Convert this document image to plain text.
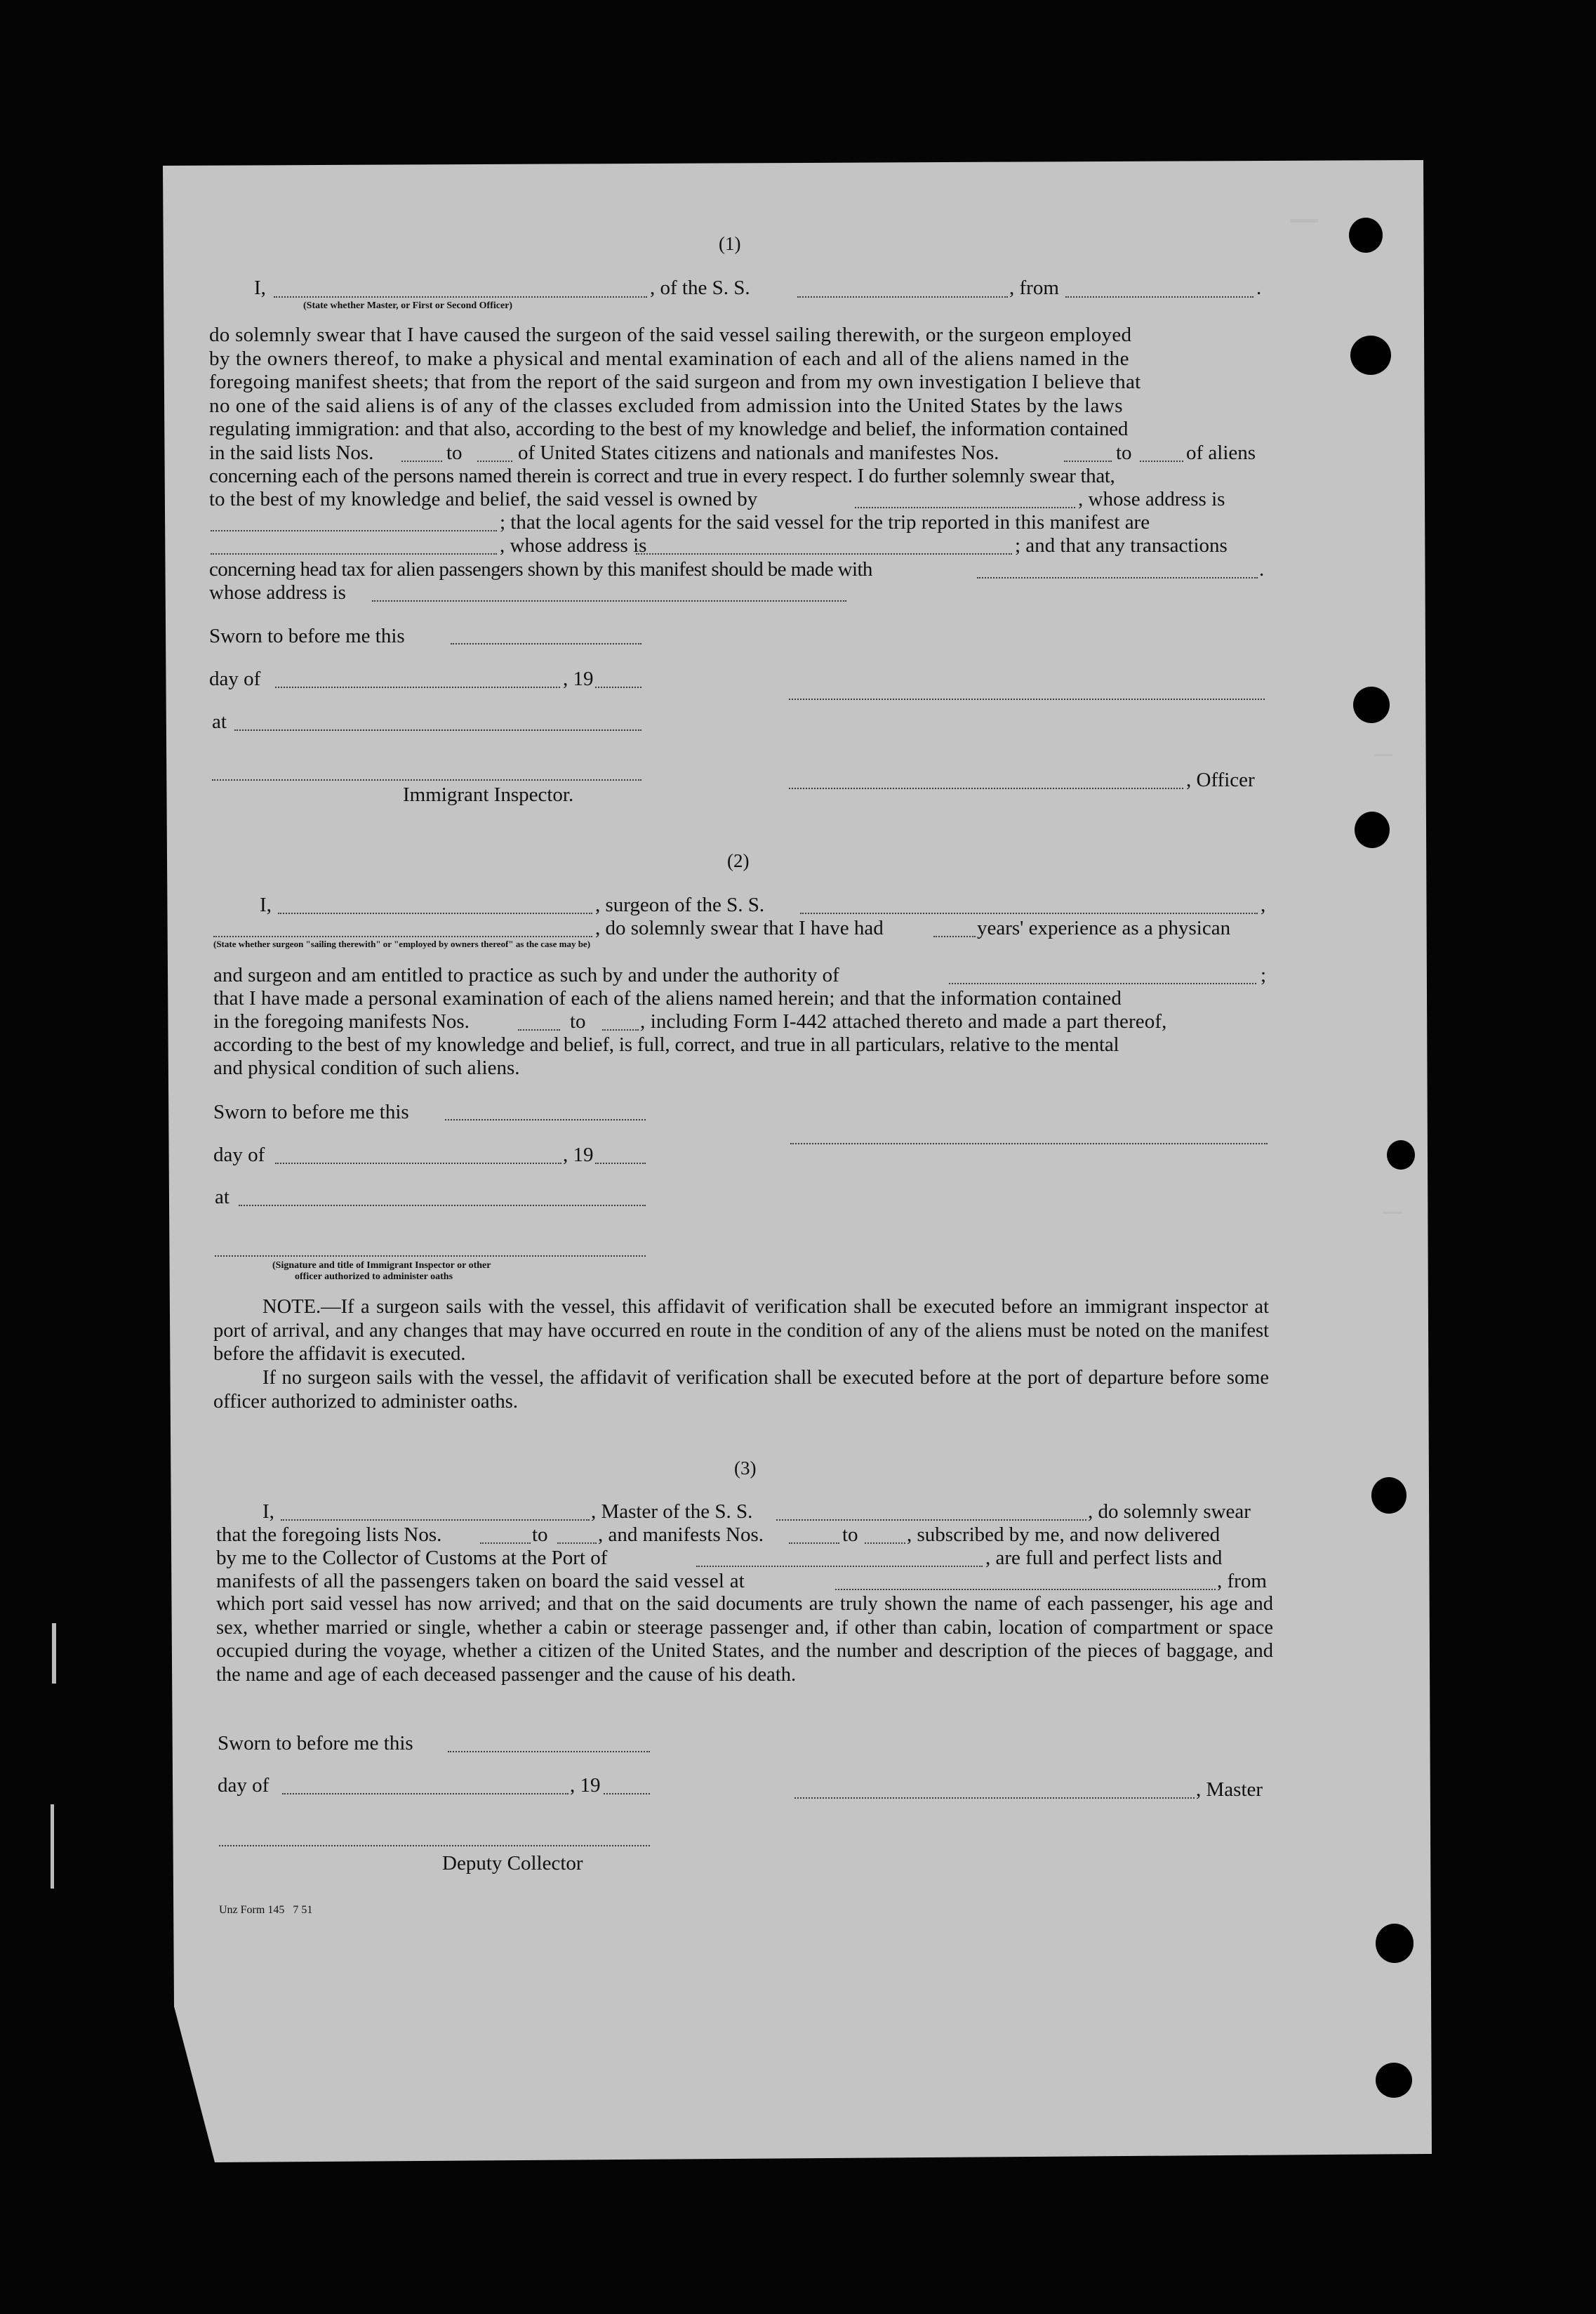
(1)
I,	, of the S. S.	, from	.
(State whether Master, or First or Second Officer)
do solemnly swear that I have caused the surgeon of the said vessel sailing therewith, or the surgeon employed
by the owners thereof, to make a physical and mental examination of each and all of the aliens named in the
foregoing manifest sheets; that from the report of the said surgeon and from my own investigation I believe that
no one of the said aliens is of any of the classes excluded from admission into the United States by the laws
regulating immigration: and that also, according to the best of my knowledge and belief, the information contained
in the said lists Nos.	to	of United States citizens and nationals and manifestes Nos.	to	of aliens
concerning each of the persons named therein is correct and true in every respect. I do further solemnly swear that,
to the best of my knowledge and belief, the said vessel is owned by	, whose address is
; that the local agents for the said vessel for the trip reported in this manifest are
, whose address is	; and that any transactions
concerning head tax for alien passengers shown by this manifest should be made with	.
whose address is
Sworn to before me this
day of	, 19
at
, Officer
Immigrant Inspector.
(2)
I,	, surgeon of the S. S.	,
, do solemnly swear that I have had	years' experience as a physican
(State whether surgeon "sailing therewith" or "employed by owners thereof" as the case may be)
and surgeon and am entitled to practice as such by and under the authority of	;
that I have made a personal examination of each of the aliens named herein; and that the information contained
in the foregoing manifests Nos.	to	, including Form I-442 attached thereto and made a part thereof,
according to the best of my knowledge and belief, is full, correct, and true in all particulars, relative to the mental
and physical condition of such aliens.
Sworn to before me this
day of	, 19
at
(Signature and title of Immigrant Inspector or other
officer authorized to administer oaths

NOTE.—If a surgeon sails with the vessel, this affidavit of verification shall be executed before an immigrant inspector at port of arrival, and any changes that may have occurred en route in the condition of any of the aliens must be noted on the manifest before the affidavit is executed.

If no surgeon sails with the vessel, the affidavit of verification shall be executed before at the port of departure before some officer authorized to administer oaths.

(3)
I,	, Master of the S. S.	, do solemnly swear
that the foregoing lists Nos.	to , and manifests Nos.	to , subscribed by me, and now delivered
by me to the Collector of Customs at the Port of	, are full and perfect lists and
manifests of all the passengers taken on board the said vessel at	, from

which port said vessel has now arrived; and that on the said documents are truly shown the name of each passenger, his age and sex, whether married or single, whether a cabin or steerage passenger and, if other than cabin, location of compartment or space occupied during the voyage, whether a citizen of the United States, and the number and description of the pieces of baggage, and the name and age of each deceased passenger and the cause of his death.

Sworn to before me this
day of	, 19	, Master
Deputy Collector
Unz Form 145   7 51
